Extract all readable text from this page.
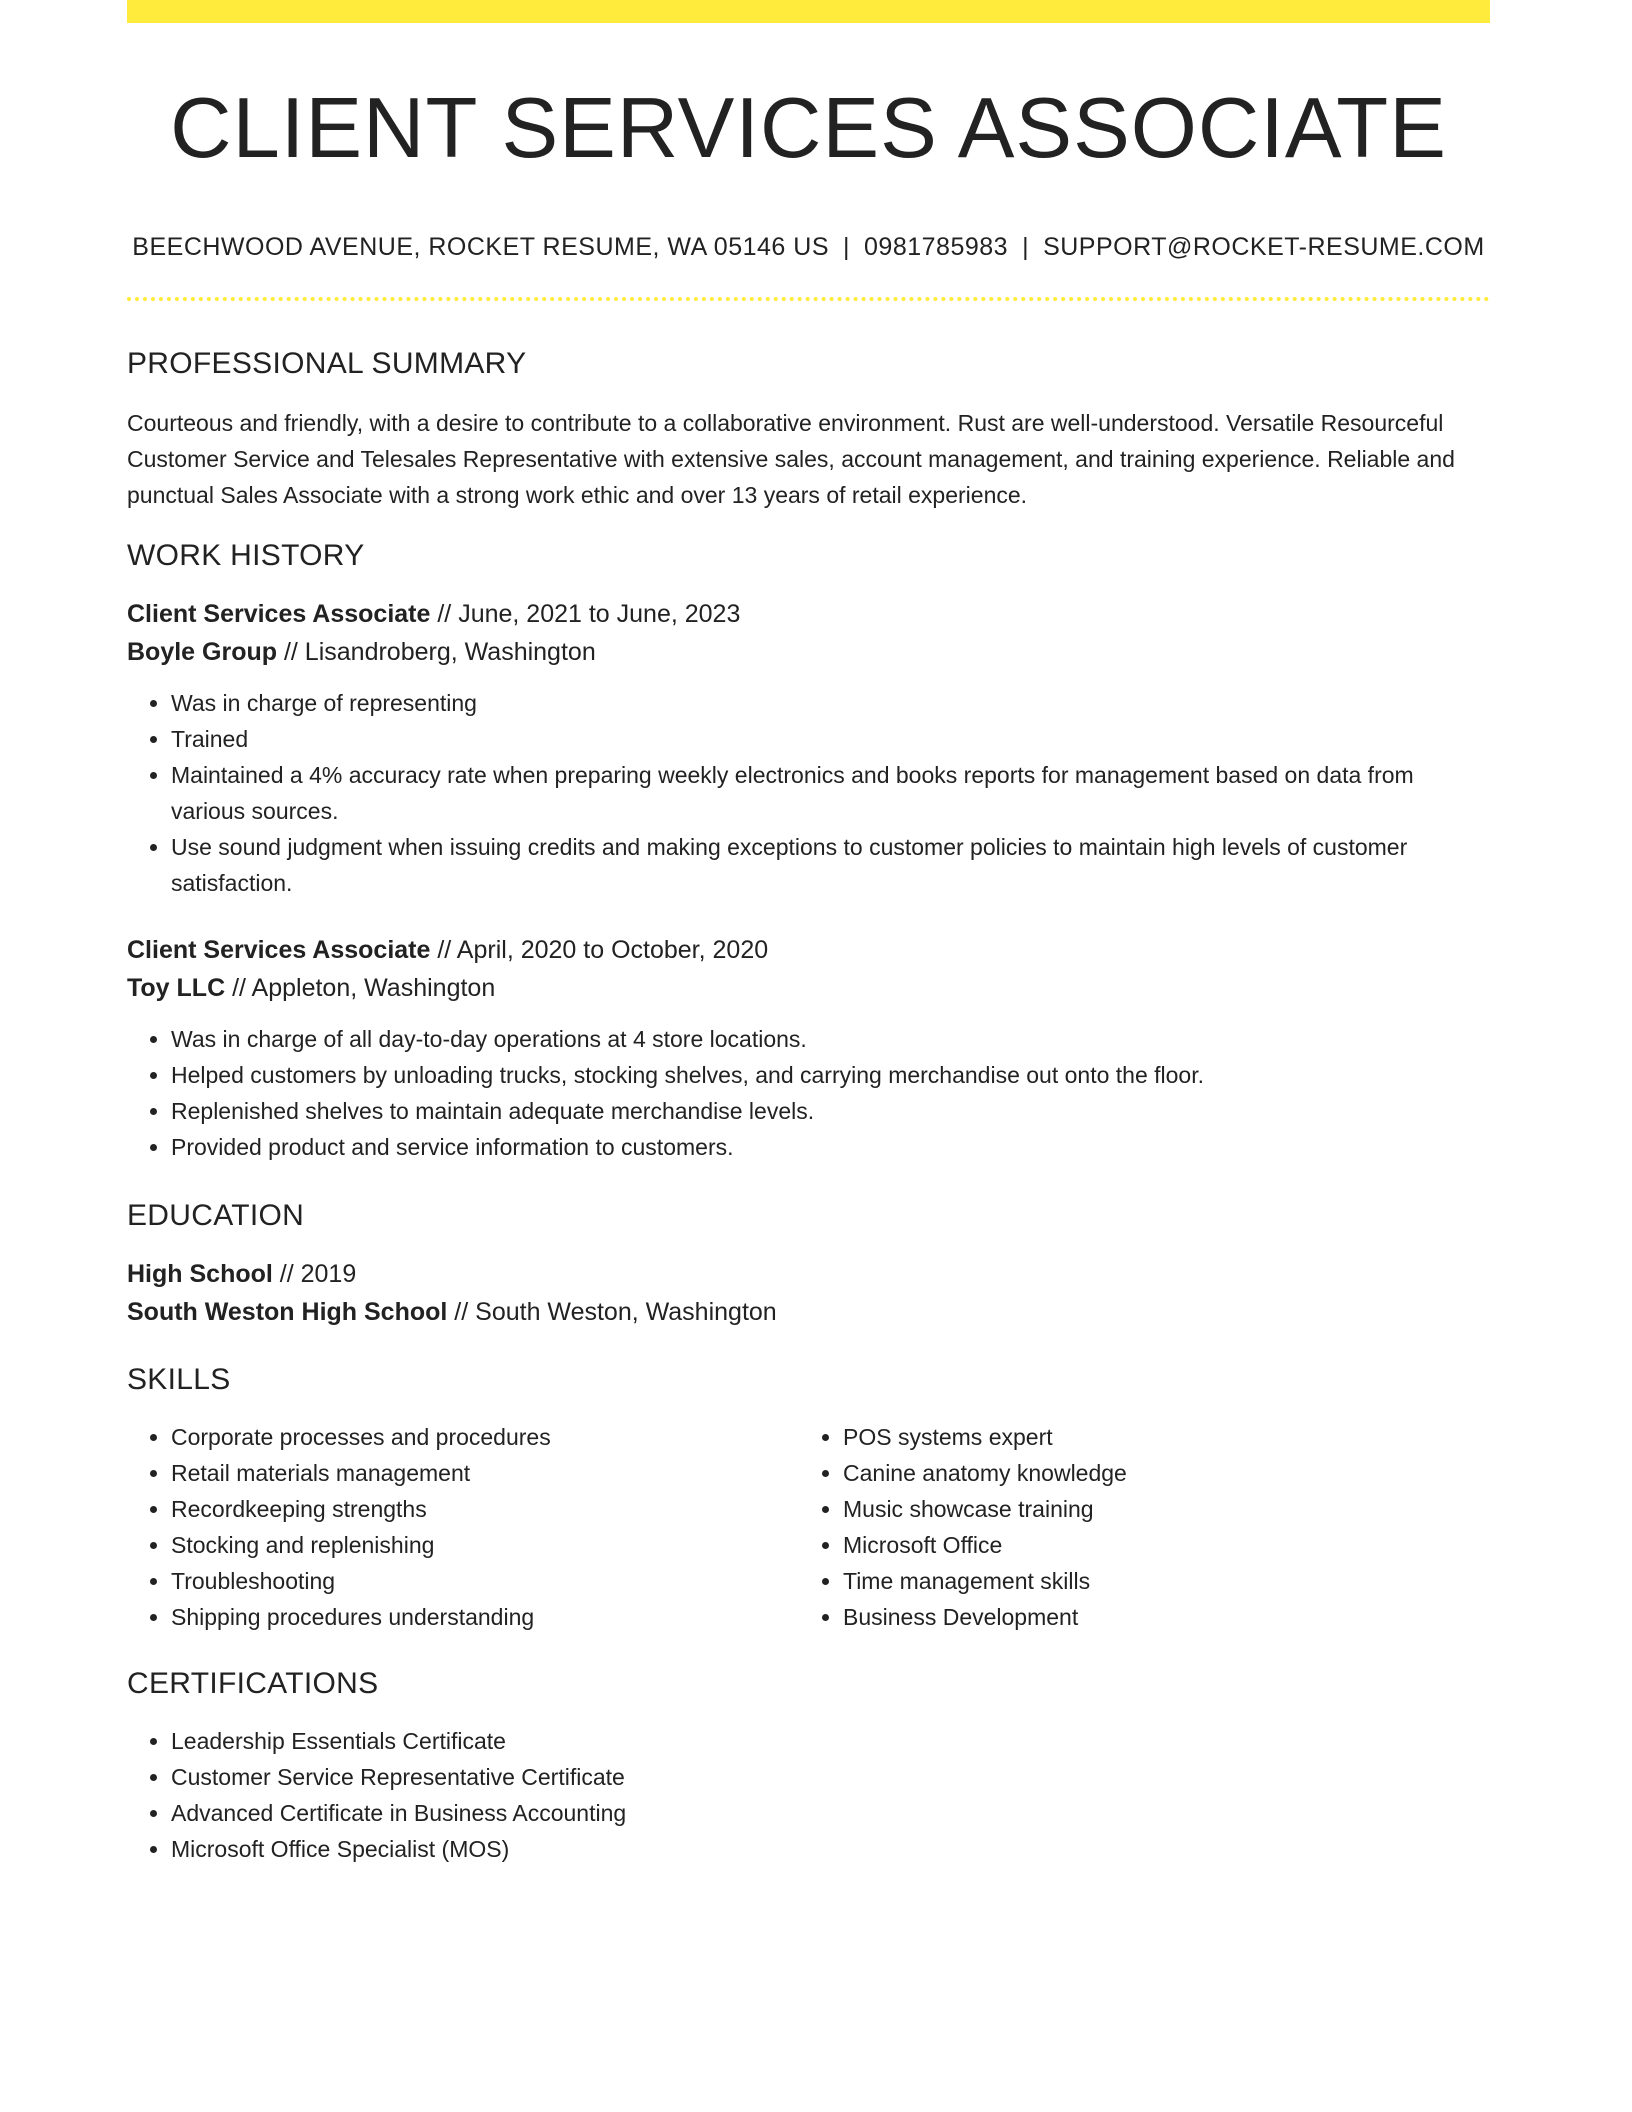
CLIENT SERVICES ASSOCIATE
BEECHWOOD AVENUE, ROCKET RESUME, WA 05146 US | 0981785983 | SUPPORT@ROCKET-RESUME.COM
PROFESSIONAL SUMMARY

Courteous and friendly, with a desire to contribute to a collaborative environment. Rust are well-understood. Versatile Resourceful Customer Service and Telesales Representative with extensive sales, account management, and training experience. Reliable and punctual Sales Associate with a strong work ethic and over 13 years of retail experience.

WORK HISTORY
Client Services Associate // June, 2021 to June, 2023
Boyle Group // Lisandroberg, Washington
• Was in charge of representing
• Trained
• Maintained a 4% accuracy rate when preparing weekly electronics and books reports for management based on data from various sources.
• Use sound judgment when issuing credits and making exceptions to customer policies to maintain high levels of customer satisfaction.
Client Services Associate // April, 2020 to October, 2020
Toy LLC // Appleton, Washington
• Was in charge of all day-to-day operations at 4 store locations.
• Helped customers by unloading trucks, stocking shelves, and carrying merchandise out onto the floor.
• Replenished shelves to maintain adequate merchandise levels.
• Provided product and service information to customers.
EDUCATION
High School // 2019
South Weston High School // South Weston, Washington
SKILLS
• Corporate processes and procedures
• Retail materials management
• Recordkeeping strengths
• Stocking and replenishing
• Troubleshooting
• Shipping procedures understanding
• POS systems expert
• Canine anatomy knowledge
• Music showcase training
• Microsoft Office
• Time management skills
• Business Development
CERTIFICATIONS
• Leadership Essentials Certificate
• Customer Service Representative Certificate
• Advanced Certificate in Business Accounting
• Microsoft Office Specialist (MOS)
